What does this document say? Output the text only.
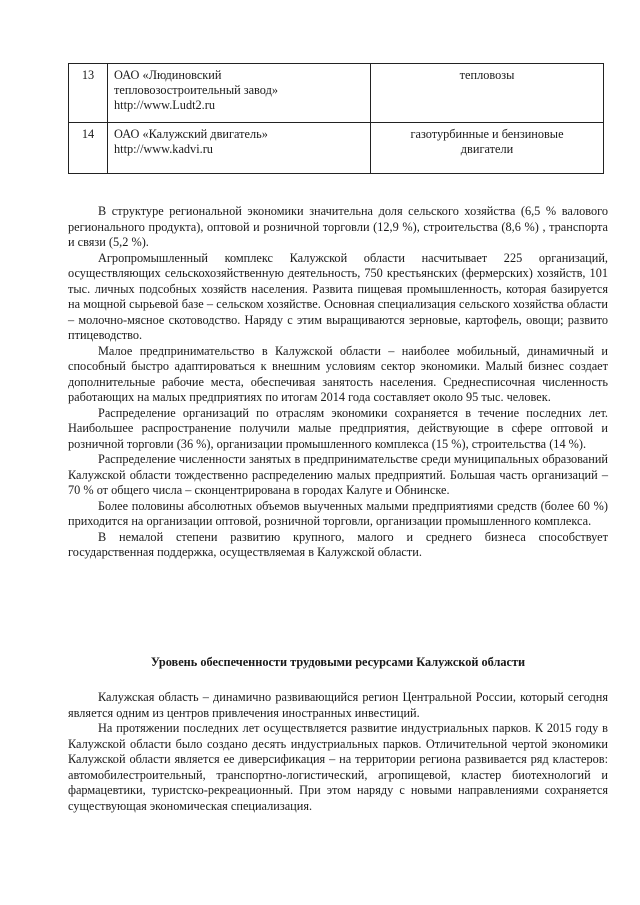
13	ОАО «Людиновский
тепловозостроительный завод»
http://www.Ludt2.ru	тепловозы

14	ОАО «Калужский двигатель»
http://www.kadvi.ru	газотурбинные и бензиновые
двигатели

В структуре региональной экономики значительна доля сельского хозяйства (6,5 % валового регионального продукта), оптовой и розничной торговли (12,9 %), строительства (8,6 %) , транспорта и связи (5,2 %).

Агропромышленный комплекс Калужской области насчитывает 225 организаций, осуществляющих сельскохозяйственную деятельность, 750 крестьянских (фермерских) хозяйств, 101 тыс. личных подсобных хозяйств населения. Развита пищевая промышленность, которая базируется на мощной сырьевой базе – сельском хозяйстве. Основная специализация сельского хозяйства области – молочно-мясное скотоводство. Наряду с этим выращиваются зерновые, картофель, овощи; развито птицеводство.

Малое предпринимательство в Калужской области – наиболее мобильный, динамичный и способный быстро адаптироваться к внешним условиям сектор экономики. Малый бизнес создает дополнительные рабочие места, обеспечивая занятость населения. Среднесписочная численность работающих на малых предприятиях по итогам 2014 года составляет около 95 тыс. человек.

Распределение организаций по отраслям экономики сохраняется в течение последних лет. Наибольшее распространение получили малые предприятия, действующие в сфере оптовой и розничной торговли (36 %), организации промышленного комплекса (15 %), строительства (14 %).

Распределение численности занятых в предпринимательстве среди муниципальных образований Калужской области тождественно распределению малых предприятий. Большая часть организаций – 70 % от общего числа – сконцентрирована в городах Калуге и Обнинске.

Более половины абсолютных объемов выученных малыми предприятиями средств (более 60 %) приходится на организации оптовой, розничной торговли, организации промышленного комплекса.

В немалой степени развитию крупного, малого и среднего бизнеса способствует государственная поддержка, осуществляемая в Калужской области.

Уровень обеспеченности трудовыми ресурсами Калужской области

Калужская область – динамично развивающийся регион Центральной России, который сегодня является одним из центров привлечения иностранных инвестиций.

На протяжении последних лет осуществляется развитие индустриальных парков. К 2015 году в Калужской области было создано десять индустриальных парков. Отличительной чертой экономики Калужской области является ее диверсификация – на территории региона развивается ряд кластеров: автомобилестроительный, транспортно-логистический, агропищевой, кластер биотехнологий и фармацевтики, туристско-рекреационный. При этом наряду с новыми направлениями сохраняется существующая экономическая специализация.
